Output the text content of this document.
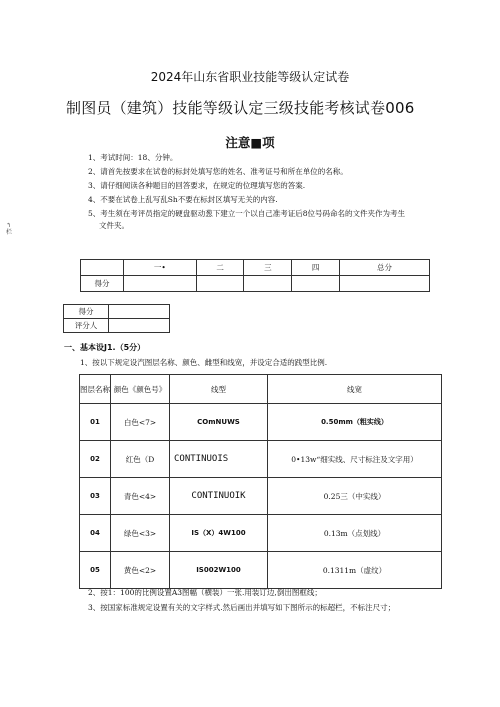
2024年山东省职业技能等级认定试卷
制图员（建筑）技能等级认定三级技能考核试卷006
注意■项
↰
栏
1、考试时间：18、分钟。
2、请首先按要求在试卷的标封处填写您的姓名、准考证号和所在单位的名称。
3、请仔细阅读各种题目的回答要求，在规定的位理填写您的答案.
4、不要在试卷上乱写乱Sh不要在标封区填写无关的内容.
5、考生须在考评员指定的硬盘驱动葱下建立一个以自己准考证后8位号码命名的文件夹作为考生
文件夹。
	一•	二	三	四	总分
得分					
得分	
评分人	
一、基本设J1.（5分）
1、按以下规定设汽图层名称、颜色、雌型和线宽，并设定合适的践型比例.
图层名称	颜色《颜色号》	线型	线宽
01	白色<7>	COmNUWS	0.50mm（粗实线）
02	红色（D	CONTINUOIS	0•13w“细实线、尺寸标注及文字用）
03	青色<4>	CONTINUOIK	0.25三（中实线）
04	绿色<3>	IS（X）4W100	0.13m（点划线）
05	黄色<2>	IS002W100	0.1311m（虚纹）
2、按1：100的比例设置A3图幅（横装）一张.用装订边,倒出图框线；
3、按国家标准规定设置有关的文字样式.然后画出并填写如下图所示的标超栏，不标注尺寸；
